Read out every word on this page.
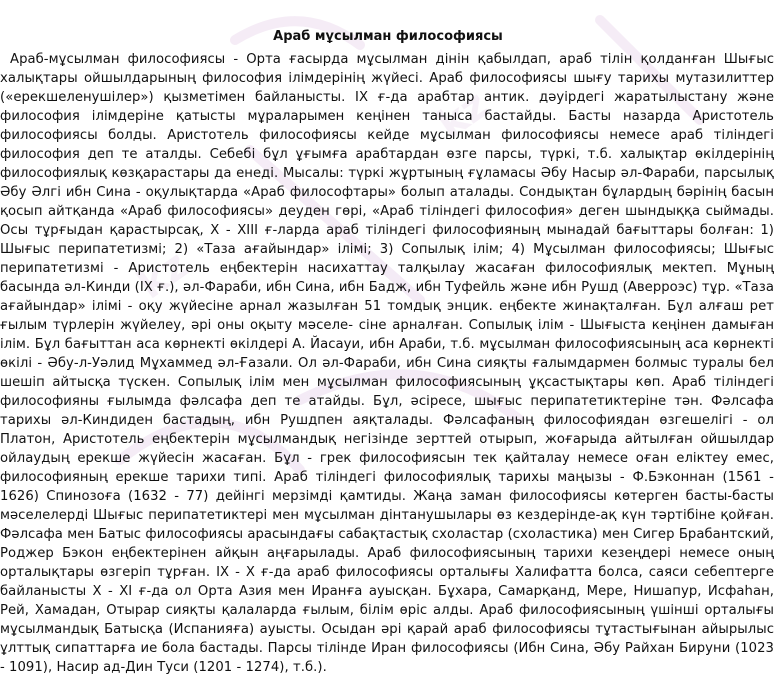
kz
kz
Араб мұсылман философиясы

Араб-мұсылман философиясы - Орта ғасырда мұсылман дінін қабылдап, араб тілін қолданған Шығыс халықтары ойшылдарының философия ілімдерінің жүйесі. Араб философиясы шығу тарихы мутазилиттер («ерекшеленушілер») қызметімен байланысты. IX ғ-да арабтар антик. дәуірдегі жаратылыстану және философия ілімдеріне қатысты мұраларымен кеңінен таныса бастайды. Басты назарда Аристотель философиясы болды. Аристотель философиясы кейде мұсылман философиясы немесе араб тіліндегі философия деп те аталды. Себебі бұл ұғымға арабтардан өзге парсы, түркі, т.б. халықтар өкілдерінің философиялық көзқарастары да енеді. Мысалы: түркі жұртының ғұламасы Әбу Насыр әл-Фараби, парсылық Әбу Әлгі ибн Сина - оқулықтарда «Араб философтары» болып аталады. Сондықтан бұлардың бәрінің басын қосып айтқанда «Араб философиясы» деуден гөрі, «Араб тіліндегі философия» деген шындыққа сыймады. Осы тұрғыдан қарастырсақ, X - XIII ғ-ларда араб тіліндегі философияның мынадай бағыттары болған: 1) Шығыс перипатетизмі; 2) «Таза ағайындар» ілімі; 3) Сопылық ілім; 4) Мұсылман философиясы; Шығыс перипатетизмі - Аристотель еңбектерін насихаттау талқылау жасаған философиялық мектеп. Мұның басында әл-Кинди (IX ғ.), әл-Фараби, ибн Сина, ибн Бадж, ибн Туфейль және ибн Рушд (Аверроэс) тұр. «Таза ағайындар» ілімі - оқу жүйесіне арнал жазылған 51 томдық энцик. еңбекте жинақталған. Бұл алғаш рет ғылым түрлерін жүйелеу, әрі оны оқыту мәселе- сіне арналған. Сопылық ілім - Шығыста кеңінен дамыған ілім. Бұл бағыттан аса көрнекті өкілдері А. Йасауи, ибн Араби, т.б. мұсылман философиясының аса көрнекті өкілі - Әбу-л-Уәлид Мұхаммед әл-Ғазали. Ол әл-Фараби, ибн Сина сияқты ғалымдармен болмыс туралы бел шешіп айтысқа түскен. Сопылық ілім мен мұсылман философиясының ұқсастықтары көп. Араб тіліндегі философияны ғылымда фәлсафа деп те атайды. Бұл, әсіресе, шығыс перипатетиктеріне тән. Фәлсафа тарихы әл-Киндиден бастадың, ибн Рушдпен аяқталады. Фәлсафаның философиядан өзгешелігі - ол Платон, Аристотель еңбектерін мұсылмандық негізінде зерттей отырып, жоғарыда айтылған ойшылдар ойлаудың ерекше жүйесін жасаған. Бұл - грек философиясын тек қайталау немесе оған еліктеу емес, философияның ерекше тарихи типі. Араб тіліндегі философиялық тарихы маңызы - Ф.Бэконнан (1561 - 1626) Спинозоға (1632 - 77) дейінгі мерзімді қамтиды. Жаңа заман философиясы көтерген басты-басты мәселелерді Шығыс перипатетиктері мен мұсылман дінтанушылары өз кездеріндe-ақ күн тәртібіне қойған. Фәлсафа мен Батыс философиясы арасындағы сабақтастық схоластар (схоластика) мен Сигер Брабантский, Роджер Бэкон еңбектерінен айқын аңғарылады. Араб философиясының тарихи кезеңдері немесе оның орталықтары өзгеріп тұрған. IX - X ғ-да араб философиясы орталығы Халифатта болса, саяси себептерге байланысты X - XI ғ-да ол Орта Азия мен Иранға ауысқан. Бұхара, Самарқанд, Мере, Нишапур, Исфаһан, Рей, Хамадан, Отырар сияқты қалаларда ғылым, білім өріс алды. Араб философиясының үшінші орталығы мұсылмандық Батысқа (Испанияға) ауысты. Осыдан әрі қарай араб философиясы тұтастығынан айырылыс ұлттық сипаттарға ие бола бастады. Парсы тілінде Иран философиясы (Ибн Сина, Әбу Райхан Бируни (1023 - 1091), Насир ад-Дин Туси (1201 - 1274), т.б.).
